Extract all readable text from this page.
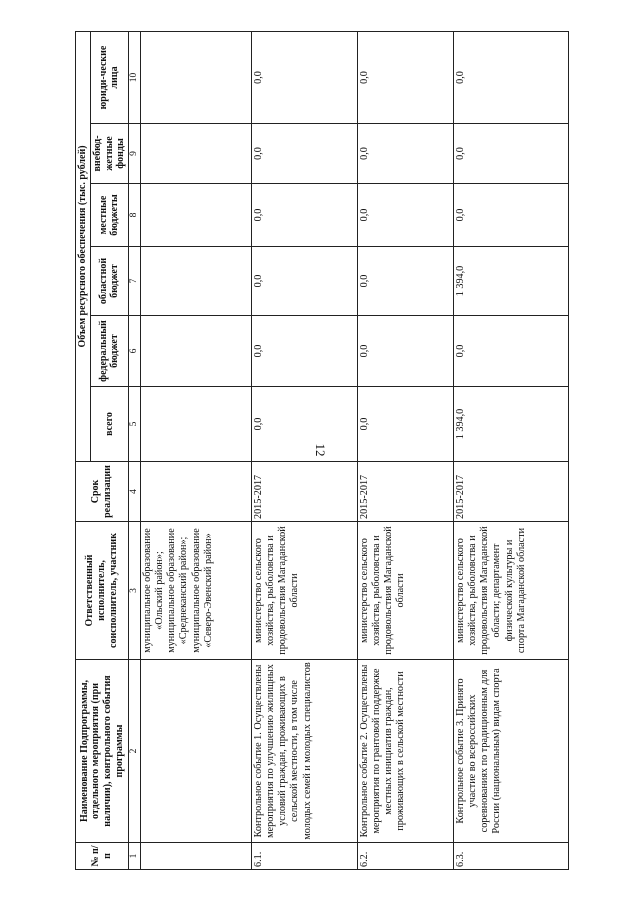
12
№ п/п	Наименование Подпрограммы, отдельного мероприятия (при наличии), контрольного события программы	Ответственный исполнитель, соисполнитель, участник	Срок реализации	Объем ресурсного обеспечения (тыс. рублей)					
				всего	федеральный бюджет	областной бюджет	местные бюджеты	внебюд-жетные фонды	юриди-ческие лица
1	2	3	4	5	6	7	8	9	10
		муниципальное образование «Ольский район»; муниципальное образование «Среднеканский район»; муниципальное образование «Северо-Эвенский район»							
6.1.	Контрольное событие 1. Осуществлены мероприятия по улучшению жилищных условий граждан, проживающих в сельской местности, в том числе молодых семей и молодых специалистов	министерство сельского хозяйства, рыболовства и продовольствия Магаданской области	2015-2017	0,0	0,0	0,0	0,0	0,0	0,0
6.2.	Контрольное событие 2. Осуществлены мероприятия по грантовой поддержке местных инициатив граждан, проживающих в сельской местности	министерство сельского хозяйства, рыболовства и продовольствия Магаданской области	2015-2017	0,0	0,0	0,0	0,0	0,0	0,0
6.3.	Контрольное событие 3. Принято участие во всероссийских соревнованиях по традиционным для России (национальным) видам спорта	министерство сельского хозяйства, рыболовства и продовольствия Магаданской области; департамент физической культуры и спорта Магаданской области	2015-2017	1 394,0	0,0	1 394,0	0,0	0,0	0,0
